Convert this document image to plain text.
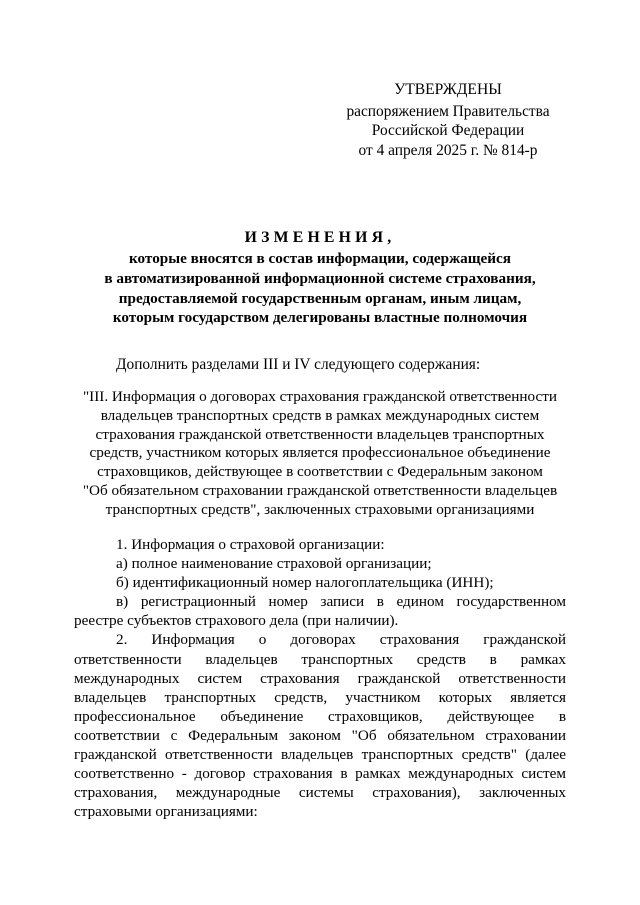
УТВЕРЖДЕНЫ
распоряжением Правительства
Российской Федерации
от 4 апреля 2025 г. № 814-р
ИЗМЕНЕНИЯ,
которые вносятся в состав информации, содержащейся
в автоматизированной информационной системе страхования,
предоставляемой государственным органам, иным лицам,
которым государством делегированы властные полномочия
Дополнить разделами III и IV следующего содержания:
"III. Информация о договорах страхования гражданской ответственности
владельцев транспортных средств в рамках международных систем
страхования гражданской ответственности владельцев транспортных
средств, участником которых является профессиональное объединение
страховщиков, действующее в соответствии с Федеральным законом
"Об обязательном страховании гражданской ответственности владельцев
транспортных средств", заключенных страховыми организациями

1. Информация о страховой организации:

а) полное наименование страховой организации;

б) идентификационный номер налогоплательщика (ИНН);

в) регистрационный номер записи в едином государственном реестре субъектов страхового дела (при наличии).

2. Информация о договорах страхования гражданской ответственности владельцев транспортных средств в рамках международных систем страхования гражданской ответственности владельцев транспортных средств, участником которых является профессиональное объединение страховщиков, действующее в соответствии с Федеральным законом "Об обязательном страховании гражданской ответственности владельцев транспортных средств" (далее соответственно - договор страхования в рамках международных систем страхования, международные системы страхования), заключенных страховыми организациями:
